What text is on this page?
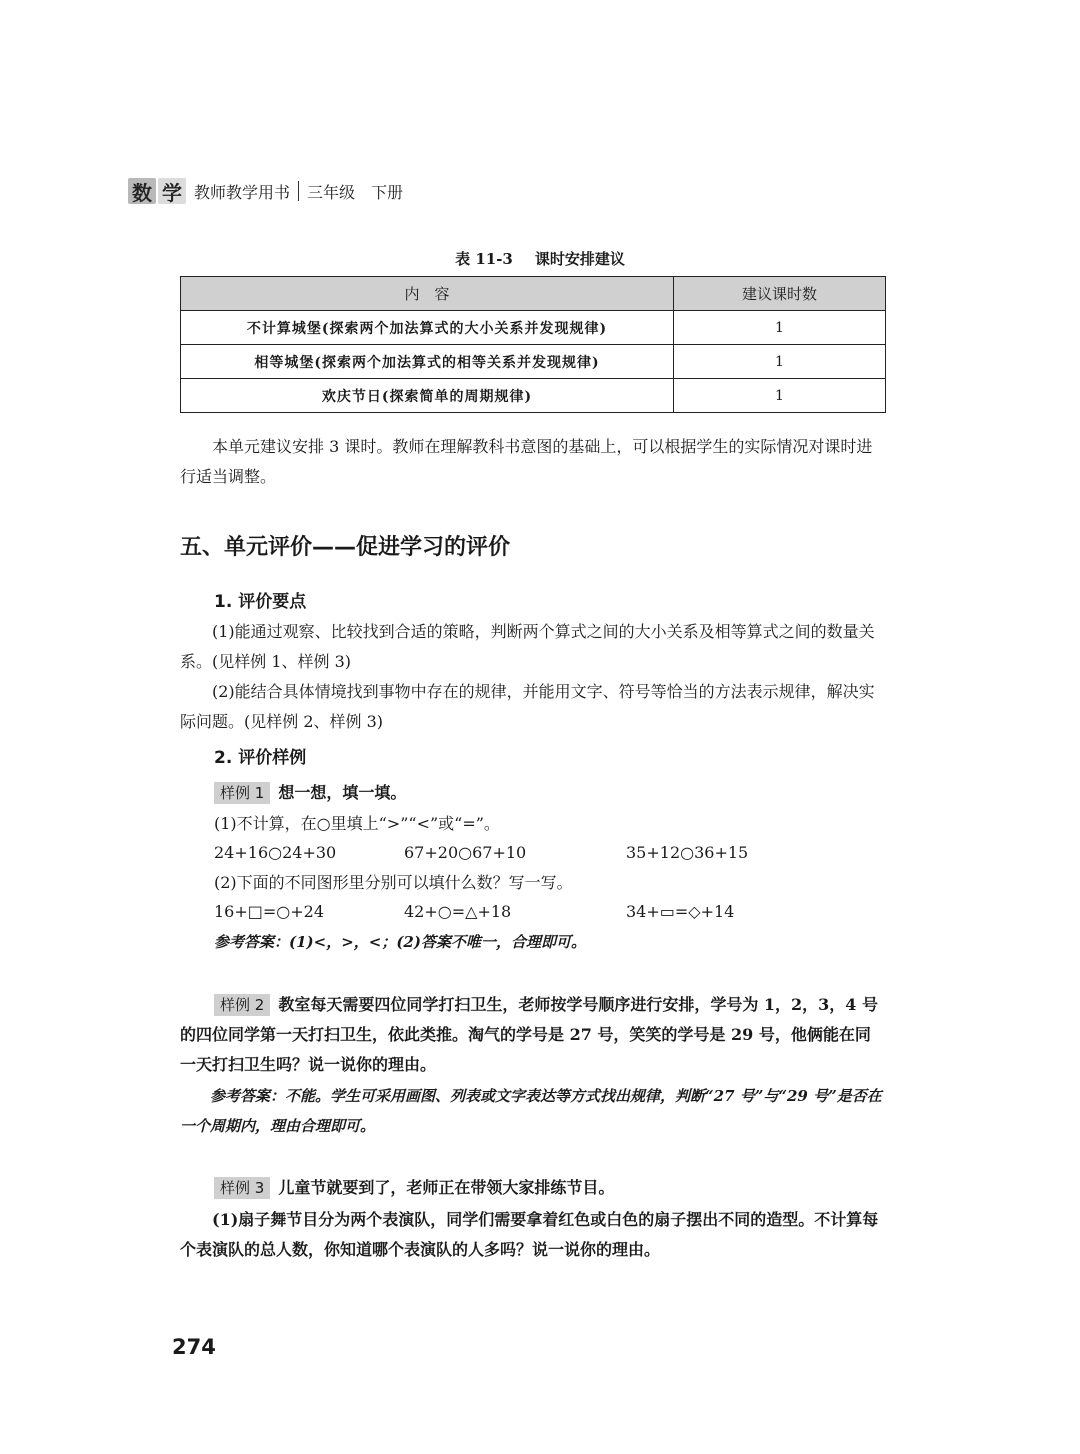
数 学 教师教学用书 三年级 下册
表 11-3 课时安排建议
内　容	建议课时数
不计算城堡(探索两个加法算式的大小关系并发现规律)	1
相等城堡(探索两个加法算式的相等关系并发现规律)	1
欢庆节日(探索简单的周期规律)	1
本单元建议安排 3 课时。教师在理解教科书意图的基础上，可以根据学生的实际情况对课时进行适当调整。
五、单元评价——促进学习的评价
1. 评价要点
(1)能通过观察、比较找到合适的策略，判断两个算式之间的大小关系及相等算式之间的数量关系。(见样例 1、样例 3)
(2)能结合具体情境找到事物中存在的规律，并能用文字、符号等恰当的方法表示规律，解决实际问题。(见样例 2、样例 3)
2. 评价样例
样例 1 想一想，填一填。
(1)不计算，在○里填上“>”“<”或“=”。
24+16○24+30	67+20○67+10	35+12○36+15
(2)下面的不同图形里分别可以填什么数？写一写。
16+□=○+24	42+○=△+18	34+▭=◇+14
参考答案：(1)<，>，<；(2)答案不唯一，合理即可。
样例 2 教室每天需要四位同学打扫卫生，老师按学号顺序进行安排，学号为 1，2，3，4 号的四位同学第一天打扫卫生，依此类推。淘气的学号是 27 号，笑笑的学号是 29 号，他俩能在同一天打扫卫生吗？说一说你的理由。
参考答案：不能。学生可采用画图、列表或文字表达等方式找出规律，判断“27 号”与“29 号”是否在一个周期内，理由合理即可。
样例 3 儿童节就要到了，老师正在带领大家排练节目。
(1)扇子舞节目分为两个表演队，同学们需要拿着红色或白色的扇子摆出不同的造型。不计算每个表演队的总人数，你知道哪个表演队的人多吗？说一说你的理由。
274
